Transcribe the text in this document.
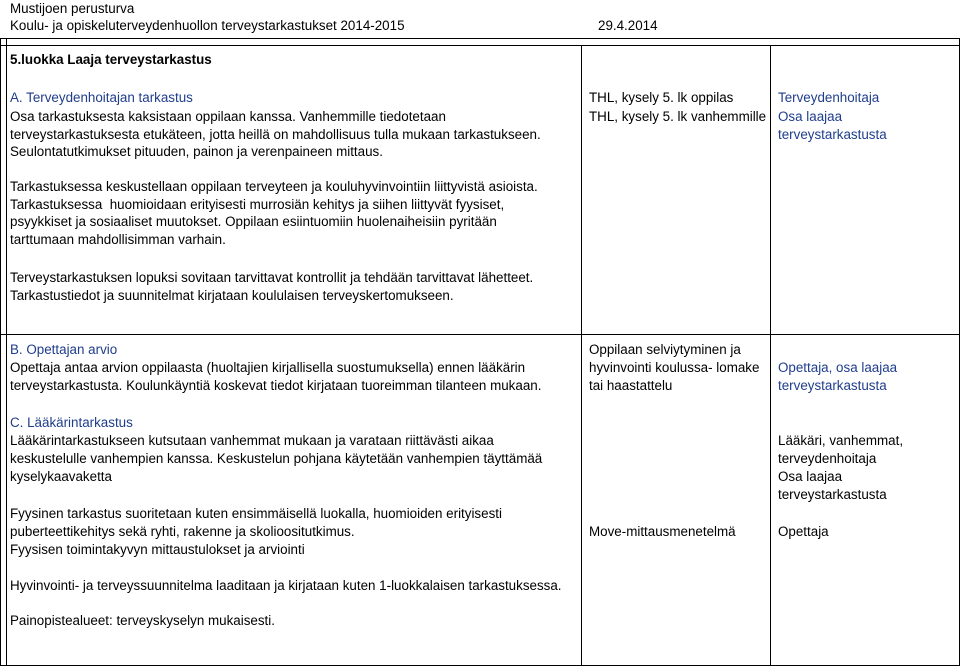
Mustijoen perusturva
Koulu- ja opiskeluterveydenhuollon terveystarkastukset 2014-2015	29.4.2014
5.luokka Laaja terveystarkastus
A. Terveydenhoitajan tarkastus
Osa tarkastuksesta kaksistaan oppilaan kanssa. Vanhemmille tiedotetaan
terveystarkastuksesta etukäteen, jotta heillä on mahdollisuus tulla mukaan tarkastukseen.
Seulontatutkimukset pituuden, painon ja verenpaineen mittaus.
THL, kysely 5. lk oppilas
THL, kysely 5. lk vanhemmille
Terveydenhoitaja
Osa laajaa
terveystarkastusta
Tarkastuksessa keskustellaan oppilaan terveyteen ja kouluhyvinvointiin liittyvistä asioista.
Tarkastuksessa  huomioidaan erityisesti murrosiän kehitys ja siihen liittyvät fyysiset,
psyykkiset ja sosiaaliset muutokset. Oppilaan esiintuomiin huolenaiheisiin pyritään
tarttumaan mahdollisimman varhain.
Terveystarkastuksen lopuksi sovitaan tarvittavat kontrollit ja tehdään tarvittavat lähetteet.
Tarkastustiedot ja suunnitelmat kirjataan koululaisen terveyskertomukseen.
B. Opettajan arvio
Opettaja antaa arvion oppilaasta (huoltajien kirjallisella suostumuksella) ennen lääkärin
terveystarkastusta. Koulunkäyntiä koskevat tiedot kirjataan tuoreimman tilanteen mukaan.
Oppilaan selviytyminen ja
hyvinvointi koulussa- lomake
tai haastattelu
Opettaja, osa laajaa
terveystarkastusta
C. Lääkärintarkastus
Lääkärintarkastukseen kutsutaan vanhemmat mukaan ja varataan riittävästi aikaa
keskustelulle vanhempien kanssa. Keskustelun pohjana käytetään vanhempien täyttämää
kyselykaavaketta
Lääkäri, vanhemmat,
terveydenhoitaja
Osa laajaa
terveystarkastusta
Fyysinen tarkastus suoritetaan kuten ensimmäisellä luokalla, huomioiden erityisesti
puberteettikehitys sekä ryhti, rakenne ja skolioositutkimus.
Fyysisen toimintakyvyn mittaustulokset ja arviointi
Move-mittausmenetelmä	Opettaja
Hyvinvointi- ja terveyssuunnitelma laaditaan ja kirjataan kuten 1-luokkalaisen tarkastuksessa.
Painopistealueet: terveyskyselyn mukaisesti.
